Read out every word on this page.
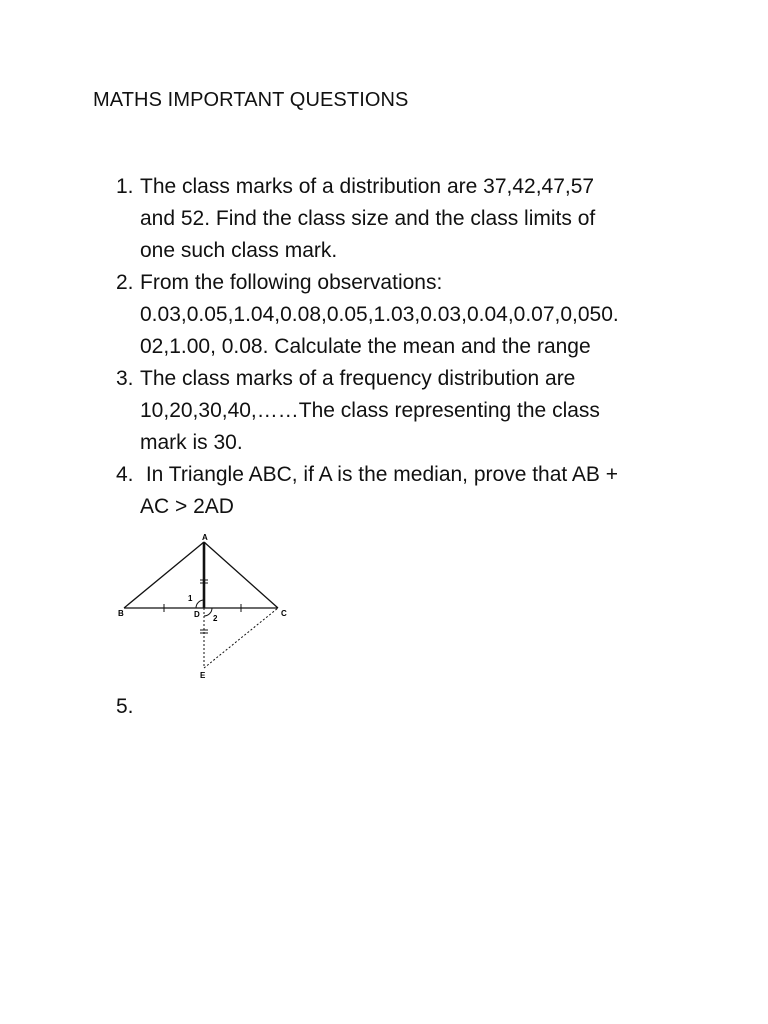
MATHS IMPORTANT QUESTIONS
1. The class marks of a distribution are 37,42,47,57
and 52. Find the class size and the class limits of
one such class mark.
2. From the following observations:
0.03,0.05,1.04,0.08,0.05,1.03,0.03,0.04,0.07,0,050.
02,1.00, 0.08. Calculate the mean and the range
3. The class marks of a frequency distribution are
10,20,30,40,……The class representing the class
mark is 30.
4. In Triangle ABC, if A is the median, prove that AB +
AC > 2AD
A
B	C
D
E
1
2
5.
